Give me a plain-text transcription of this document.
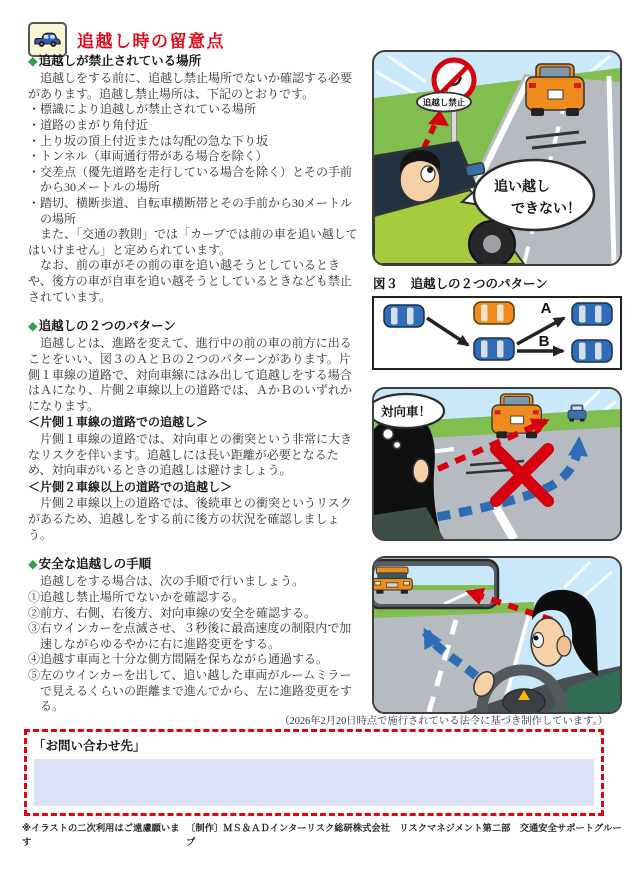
追越し時の留意点
◆追越しが禁止されている場所

追越しをする前に、追越し禁止場所でないか確認する必要があります。追越し禁止場所は、下記のとおりです。

・標識により追越しが禁止されている場所
・道路のまがり角付近
・上り坂の頂上付近または勾配の急な下り坂
・トンネル（車両通行帯がある場合を除く）
・交差点（優先道路を走行している場合を除く）とその手前から30メートルの場所
・踏切、横断歩道、自転車横断帯とその手前から30メートルの場所

また、「交通の教則」では「カーブでは前の車を追い越してはいけません」と定められています。

なお、前の車がその前の車を追い越そうとしているときや、後方の車が自車を追い越そうとしているときなども禁止されています。

◆追越しの２つのパターン

追越しとは、進路を変えて、進行中の前の車の前方に出ることをいい、図３のＡとＢの２つのパターンがあります。片側１車線の道路で、対向車線にはみ出して追越しをする場合はＡになり、片側２車線以上の道路では、ＡかＢのいずれかになります。

＜片側１車線の道路での追越し＞

片側１車線の道路では、対向車との衝突という非常に大きなリスクを伴います。追越しには長い距離が必要となるため、対向車がいるときの追越しは避けましょう。

＜片側２車線以上の道路での追越し＞

片側２車線以上の道路では、後続車との衝突というリスクがあるため、追越しをする前に後方の状況を確認しましょう。

◆安全な追越しの手順

追越しをする場合は、次の手順で行いましょう。

①追越し禁止場所でないかを確認する。
②前方、右側、右後方、対向車線の安全を確認する。
③右ウインカーを点滅させ、３秒後に最高速度の制限内で加速しながらゆるやかに右に進路変更をする。
④追越す車両と十分な側方間隔を保ちながら通過する。
⑤左のウインカーを出して、追い越した車両がルームミラーで見えるくらいの距離まで進んでから、左に進路変更をする。
追越し禁止
追い越し
できない！
図３　追越しの２つのパターン
A
B
対向車！
（2026年2月20日時点で施行されている法令に基づき制作しています。）
「お問い合わせ先」
※イラストの二次利用はご遠慮願います
〔制作〕ＭＳ＆ＡＤインターリスク総研株式会社　リスクマネジメント第二部　交通安全サポートグループ
